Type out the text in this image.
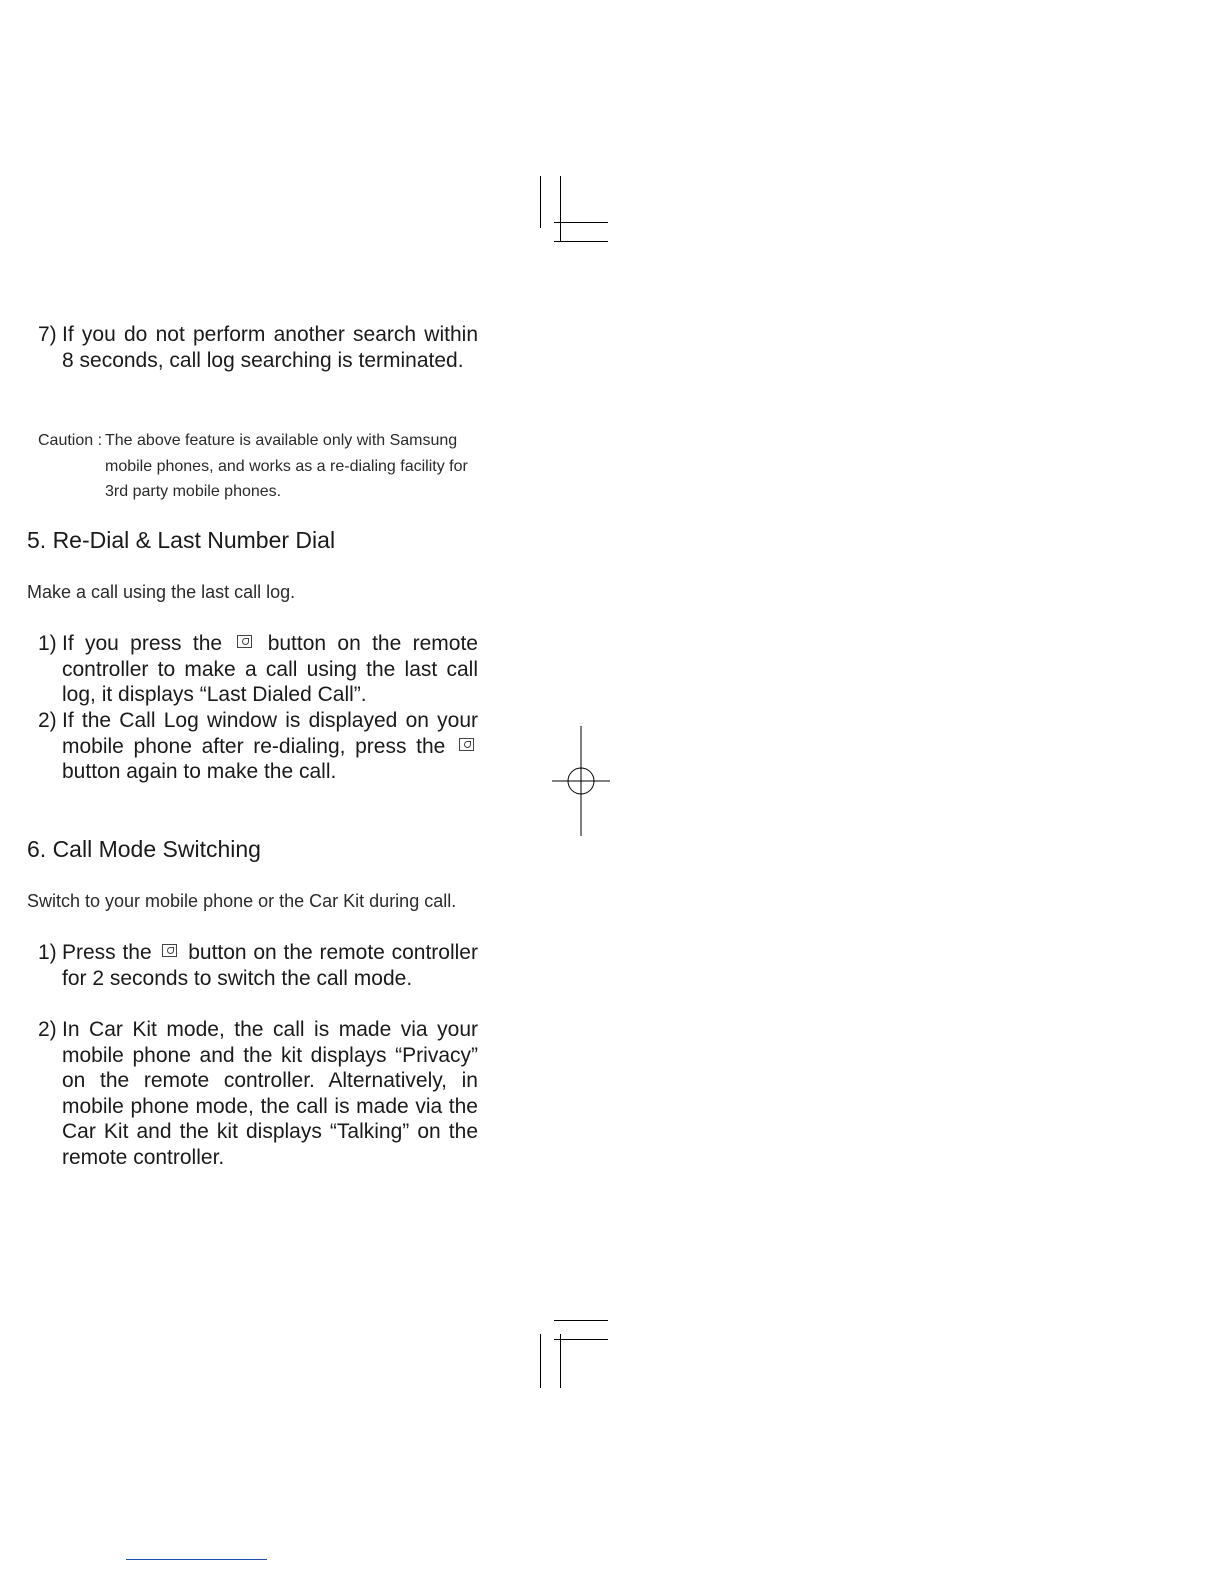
7) If you do not perform another search within 8 seconds, call log searching is terminated.
Caution : The above feature is available only with Samsung mobile phones, and works as a re-dialing facility for 3rd party mobile phones.
5. Re-Dial & Last Number Dial
Make a call using the last call log.
1) If you press the button on the remote controller to make a call using the last call log, it displays “Last Dialed Call”.
2) If the Call Log window is displayed on your mobile phone after re-dialing, press the  button again to make the call.
6. Call Mode Switching
Switch to your mobile phone or the Car Kit during call.
1) Press the button on the remote controller for 2 seconds to switch the call mode.
2) In Car Kit mode, the call is made via your mobile phone and the kit displays “Privacy” on the remote controller. Alternatively, in mobile phone mode, the call is made via the Car Kit and the kit displays “Talking” on the remote controller.
